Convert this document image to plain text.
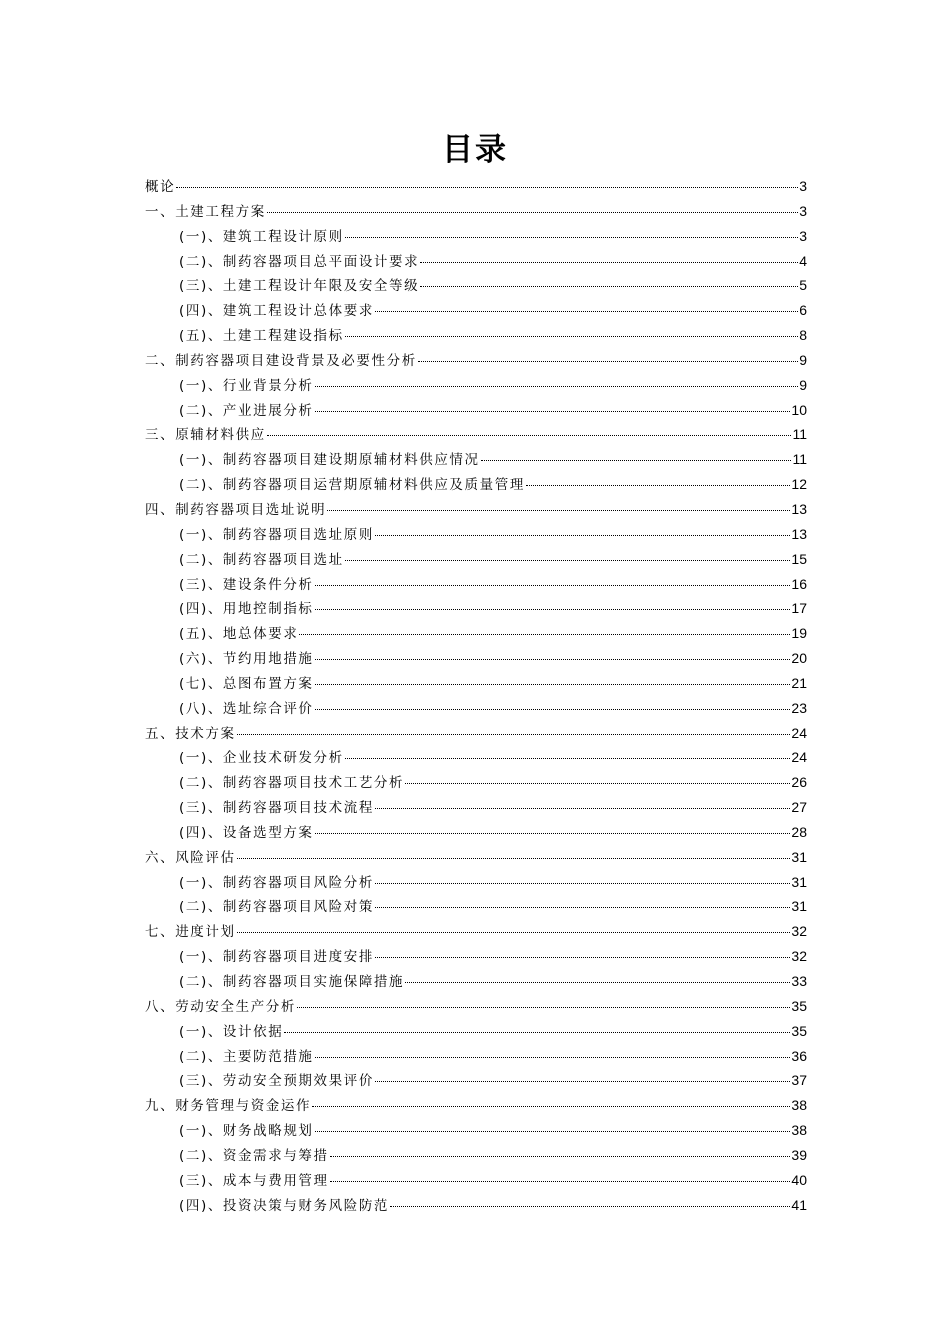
目录
概论	3
一、土建工程方案	3
(一)、建筑工程设计原则	3
(二)、制药容器项目总平面设计要求	4
(三)、土建工程设计年限及安全等级	5
(四)、建筑工程设计总体要求	6
(五)、土建工程建设指标	8
二、制药容器项目建设背景及必要性分析	9
(一)、行业背景分析	9
(二)、产业进展分析	10
三、原辅材料供应	11
(一)、制药容器项目建设期原辅材料供应情况	11
(二)、制药容器项目运营期原辅材料供应及质量管理	12
四、制药容器项目选址说明	13
(一)、制药容器项目选址原则	13
(二)、制药容器项目选址	15
(三)、建设条件分析	16
(四)、用地控制指标	17
(五)、地总体要求	19
(六)、节约用地措施	20
(七)、总图布置方案	21
(八)、选址综合评价	23
五、技术方案	24
(一)、企业技术研发分析	24
(二)、制药容器项目技术工艺分析	26
(三)、制药容器项目技术流程	27
(四)、设备选型方案	28
六、风险评估	31
(一)、制药容器项目风险分析	31
(二)、制药容器项目风险对策	31
七、进度计划	32
(一)、制药容器项目进度安排	32
(二)、制药容器项目实施保障措施	33
八、劳动安全生产分析	35
(一)、设计依据	35
(二)、主要防范措施	36
(三)、劳动安全预期效果评价	37
九、财务管理与资金运作	38
(一)、财务战略规划	38
(二)、资金需求与筹措	39
(三)、成本与费用管理	40
(四)、投资决策与财务风险防范	41
